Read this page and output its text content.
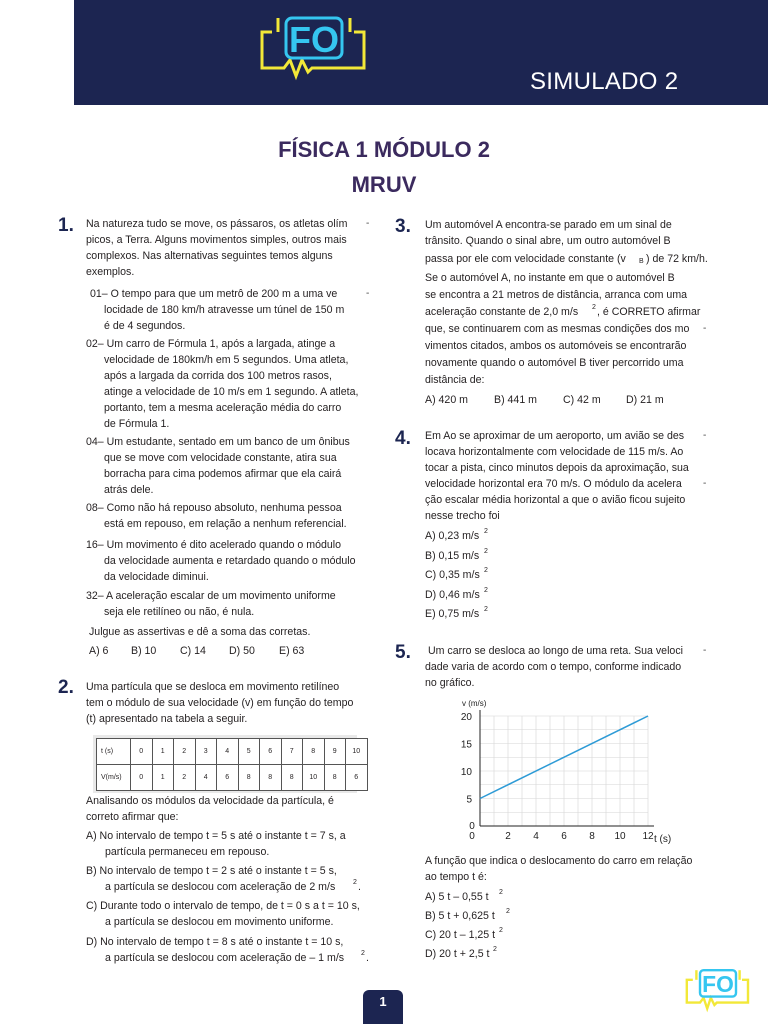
FO
SIMULADO 2
FÍSICA 1 MÓDULO 2
MRUV
1. Na natureza tudo se move, os pássaros, os atletas olím -
picos, a Terra. Alguns movimentos simples, outros mais
complexos. Nas alternativas seguintes temos alguns
exemplos.
01– O tempo para que um metrô de 200 m a uma ve	-
locidade de 180 km/h atravesse um túnel de 150 m
é de 4 segundos.
02– Um carro de Fórmula 1, após a largada, atinge a
velocidade de 180km/h em 5 segundos. Uma atleta,
após a largada da corrida dos 100 metros rasos,
atinge a velocidade de 10 m/s em 1 segundo. A atleta,
portanto, tem a mesma aceleração média do carro
de Fórmula 1.
04– Um estudante, sentado em um banco de um ônibus
que se move com velocidade constante, atira sua
borracha para cima podemos afirmar que ela cairá
atrás dele.
08– Como não há repouso absoluto, nenhuma pessoa
está em repouso, em relação a nenhum referencial.
16– Um movimento é dito acelerado quando o módulo
da velocidade aumenta e retardado quando o módulo
da velocidade diminui.
32– A aceleração escalar de um movimento uniforme
seja ele retilíneo ou não, é nula.
Julgue as assertivas e dê a soma das corretas.
A) 6 B) 10 C) 14 D) 50 E) 63
2. Uma partícula que se desloca em movimento retilíneo
tem o módulo de sua velocidade (v) em função do tempo
(t) apresentado na tabela a seguir.
t (s)	0	1	2	3	4	5	6	7	8	9	10
V(m/s)	0	1	2	4	6	8	8	8	10	8	6
Analisando os módulos da velocidade da partícula, é
correto afirmar que:
A) No intervalo de tempo t = 5 s até o instante t = 7 s, a
partícula permaneceu em repouso.
B) No intervalo de tempo t = 2 s até o instante t = 5 s,
a partícula se deslocou com aceleração de 2 m/s	2 .
C) Durante todo o intervalo de tempo, de t = 0 s a t = 10 s,
a partícula se deslocou em movimento uniforme.
D) No intervalo de tempo t = 8 s até o instante t = 10 s,
a partícula se deslocou com aceleração de – 1 m/s 2 .
3. Um automóvel A encontra-se parado em um sinal de
trânsito. Quando o sinal abre, um outro automóvel B
passa por ele com velocidade constante (v B ) de 72 km/h.
Se o automóvel A, no instante em que o automóvel B
se encontra a 21 metros de distância, arranca com uma
aceleração constante de 2,0 m/s 2 , é CORRETO afirmar
que, se continuarem com as mesmas condições dos mo -
vimentos citados, ambos os automóveis se encontrarão
novamente quando o automóvel B tiver percorrido uma
distância de:
A) 420 m B) 441 m C) 42 m D) 21 m
4. Em Ao se aproximar de um aeroporto, um avião se des -
locava horizontalmente com velocidade de 115 m/s. Ao
tocar a pista, cinco minutos depois da aproximação, sua
velocidade horizontal era 70 m/s. O módulo da acelera -
ção escalar média horizontal a que o avião ficou sujeito
nesse trecho foi
A) 0,23 m/s 2
B) 0,15 m/s 2
C) 0,35 m/s 2
D) 0,46 m/s 2
E) 0,75 m/s 2
5. Um carro se desloca ao longo de uma reta. Sua veloci -
dade varia de acordo com o tempo, conforme indicado
no gráfico.
0	2 4 6 8 10 12
0
5
10
15
20
v (m/s)
t (s)
A função que indica o deslocamento do carro em relação
ao tempo t é:
A) 5 t – 0,55 t 2
B) 5 t + 0,625 t 2
C) 20 t – 1,25 t 2
D) 20 t + 2,5 t 2
1
FO
